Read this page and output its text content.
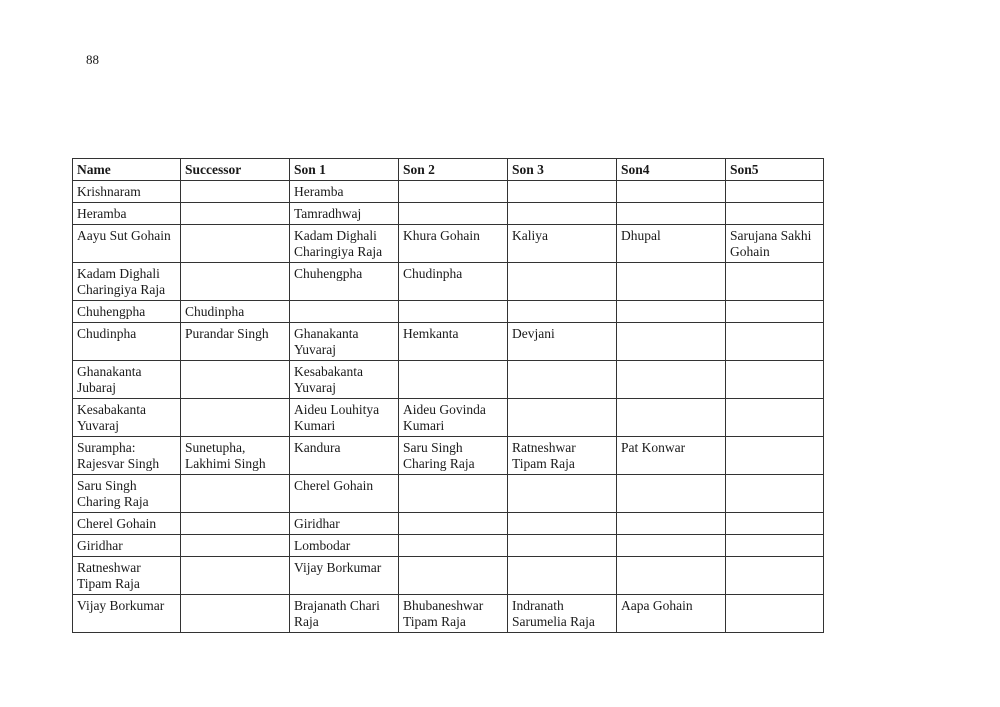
88
Name	Successor	Son 1	Son 2	Son 3	Son4	Son5
Krishnaram		Heramba				
Heramba		Tamradhwaj				
Aayu Sut Gohain		Kadam Dighali Charingiya Raja	Khura Gohain	Kaliya	Dhupal	Sarujana Sakhi Gohain
Kadam Dighali Charingiya Raja		Chuhengpha	Chudinpha			
Chuhengpha	Chudinpha					
Chudinpha	Purandar Singh	Ghanakanta Yuvaraj	Hemkanta	Devjani		
Ghanakanta Jubaraj		Kesabakanta Yuvaraj				
Kesabakanta Yuvaraj		Aideu Louhitya Kumari	Aideu Govinda Kumari			
Surampha: Rajesvar Singh	Sunetupha, Lakhimi Singh	Kandura	Saru Singh Charing Raja	Ratneshwar Tipam Raja	Pat Konwar	
Saru Singh Charing Raja		Cherel Gohain				
Cherel Gohain		Giridhar				
Giridhar		Lombodar				
Ratneshwar Tipam Raja		Vijay Borkumar				
Vijay Borkumar		Brajanath Chari Raja	Bhubaneshwar Tipam Raja	Indranath Sarumelia Raja	Aapa Gohain	
